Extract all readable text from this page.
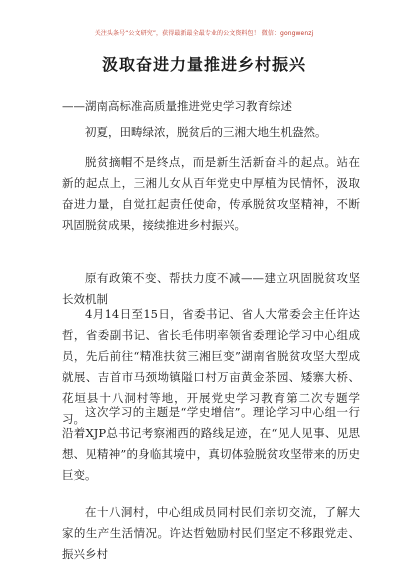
关注头条号“公文研究”，获得最新最全最专业的公文资料包！ 微信：gongwenzj
汲取奋进力量推进乡村振兴
——湖南高标准高质量推进党史学习教育综述

初夏，田畴绿浓，脱贫后的三湘大地生机盎然。

脱贫摘帽不是终点，而是新生活新奋斗的起点。站在新的起点上，三湘儿女从百年党史中厚植为民情怀，汲取奋进力量，自觉扛起责任使命，传承脱贫攻坚精神，不断巩固脱贫成果，接续推进乡村振兴。

原有政策不变、帮扶力度不减——建立巩固脱贫攻坚长效机制

4月14日至15日，省委书记、省人大常委会主任许达哲，省委副书记、省长毛伟明率领省委理论学习中心组成员，先后前往“精准扶贫三湘巨变”湖南省脱贫攻坚大型成就展、吉首市马颈坳镇隘口村万亩黄金茶园、矮寨大桥、花垣县十八洞村等地，开展党史学习教育第二次专题学习。 这次学习的主题是“学史增信”。理论学习中心组一行沿着XJP总书记考察湘西的路线足迹，在“见人见事、见思想、见精神”的身临其境中，真切体验脱贫攻坚带来的历史巨变。

在十八洞村，中心组成员同村民们亲切交流，了解大家的生产生活情况。许达哲勉励村民们坚定不移跟党走、振兴乡村
